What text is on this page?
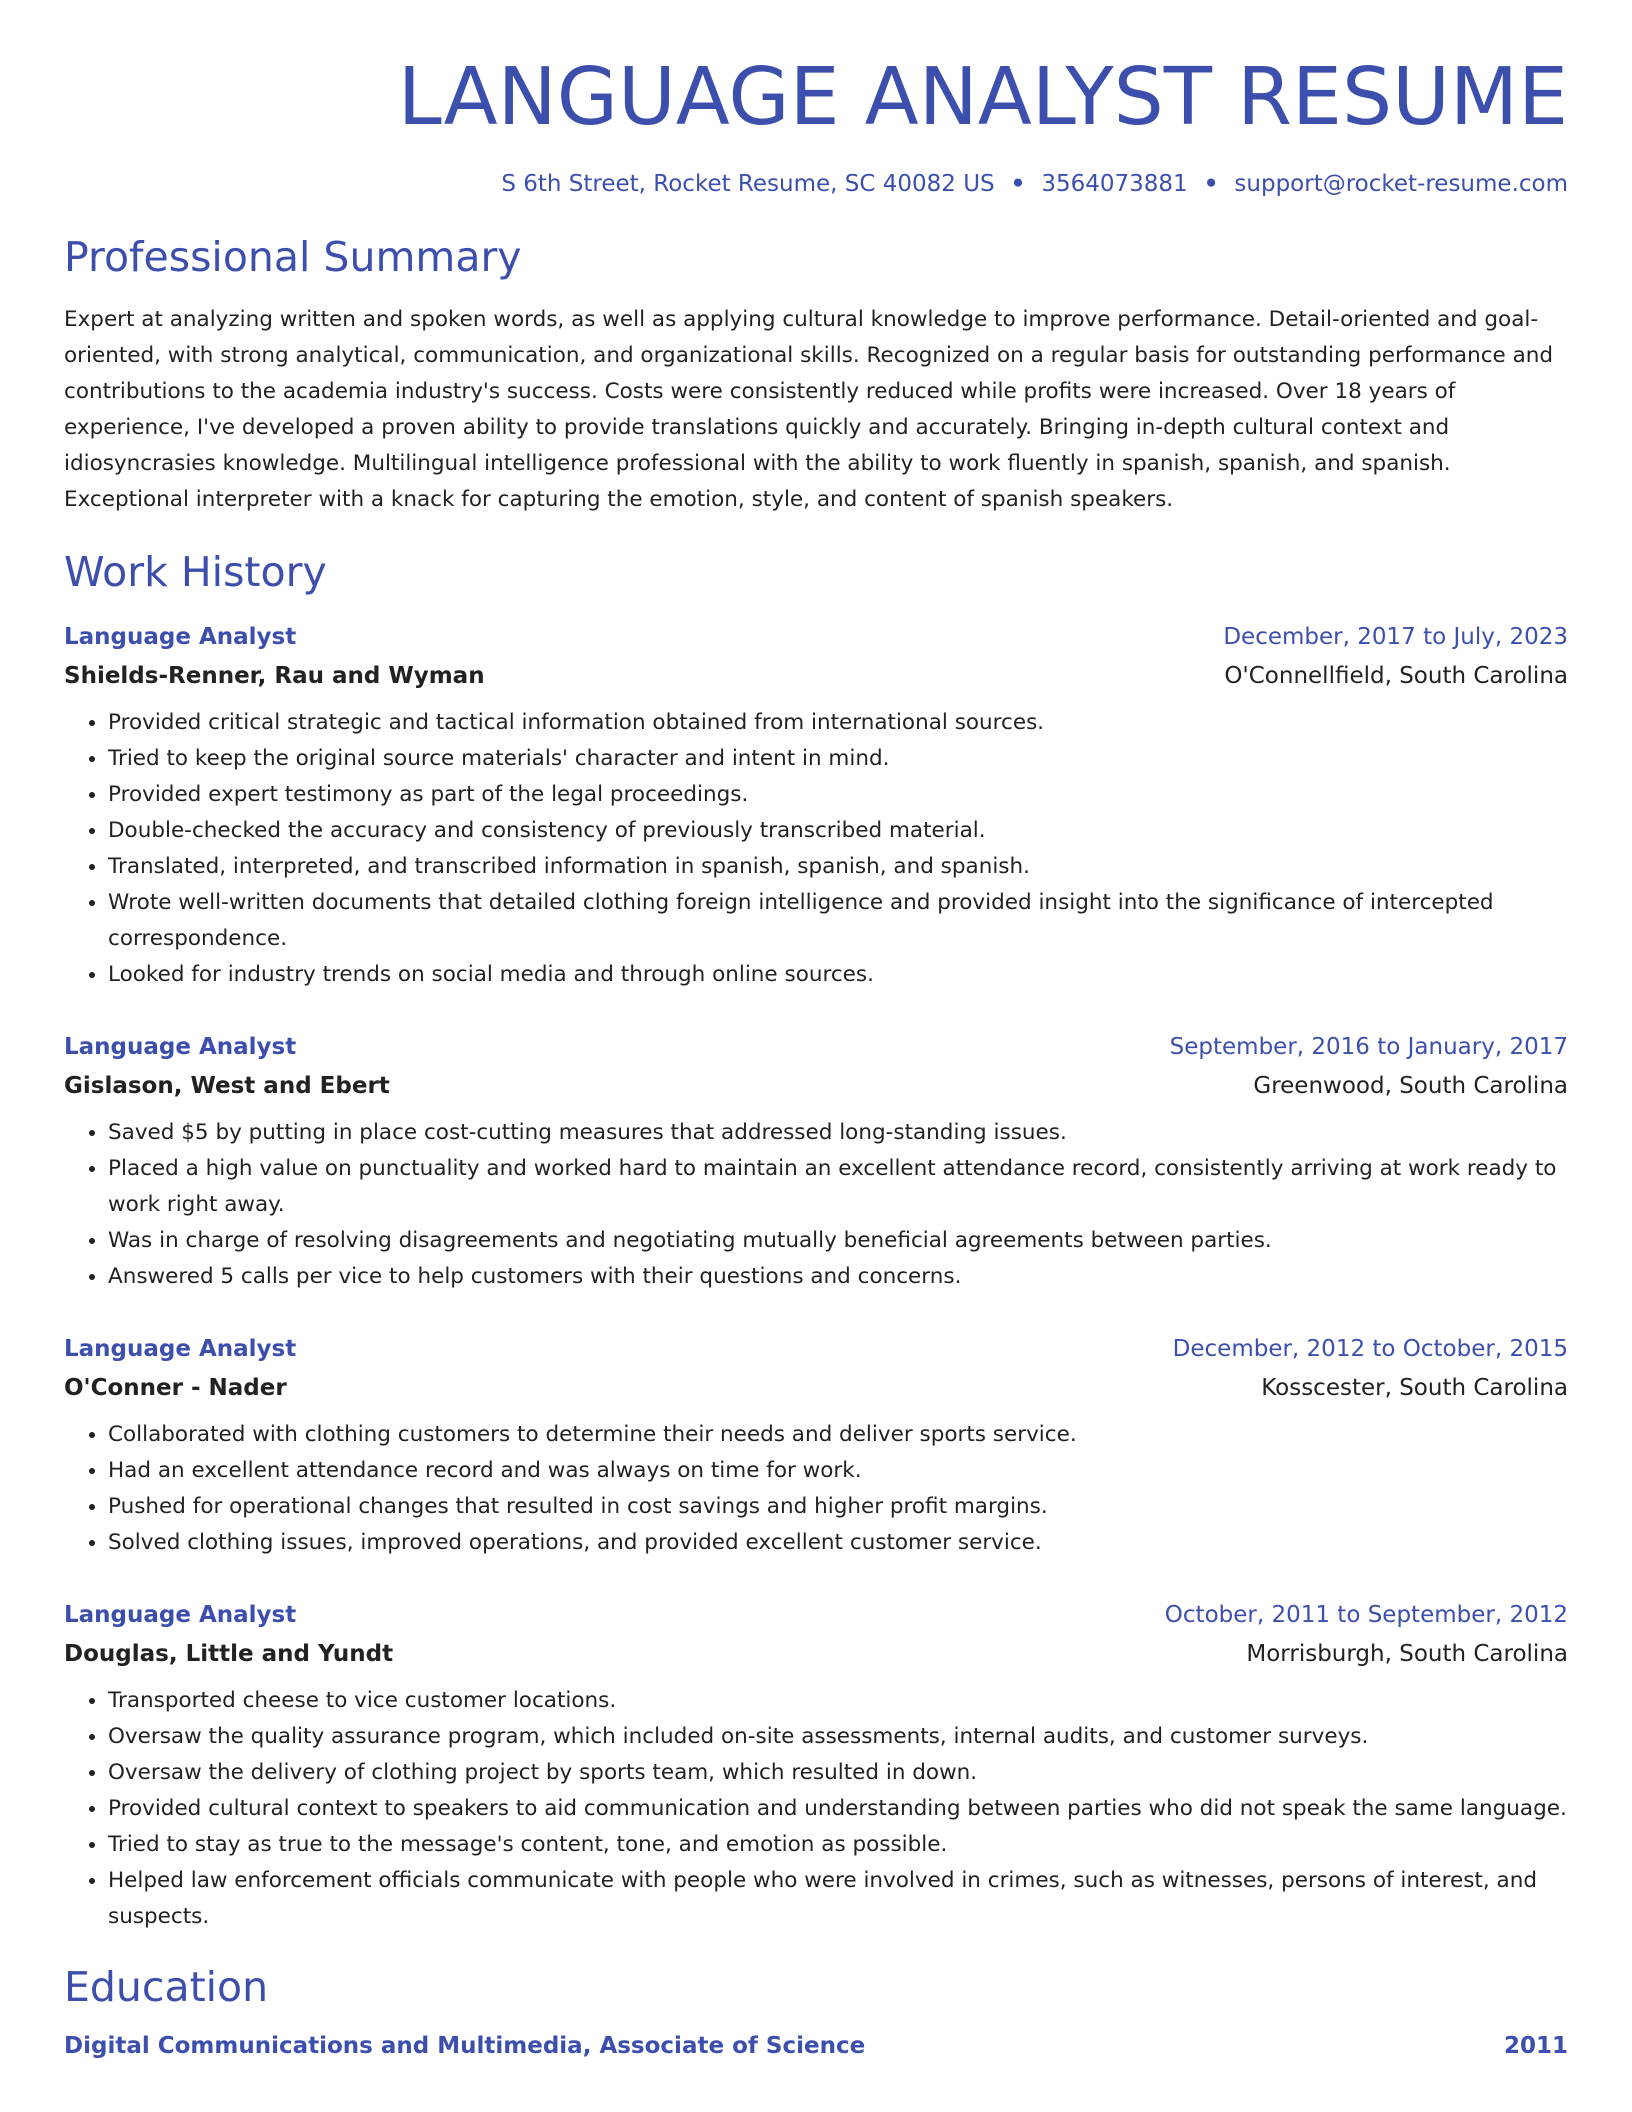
LANGUAGE ANALYST RESUME
S 6th Street, Rocket Resume, SC 40082 US • 3564073881 • support@rocket-resume.com
Professional Summary

Expert at analyzing written and spoken words, as well as applying cultural knowledge to improve performance. Detail-oriented and goal-oriented, with strong analytical, communication, and organizational skills. Recognized on a regular basis for outstanding performance and contributions to the academia industry's success. Costs were consistently reduced while profits were increased. Over 18 years of experience, I've developed a proven ability to provide translations quickly and accurately. Bringing in-depth cultural context and idiosyncrasies knowledge. Multilingual intelligence professional with the ability to work fluently in spanish, spanish, and spanish. Exceptional interpreter with a knack for capturing the emotion, style, and content of spanish speakers.

Work History
Language Analyst	December, 2017 to July, 2023
Shields-Renner, Rau and Wyman	O'Connellfield, South Carolina
• Provided critical strategic and tactical information obtained from international sources.
• Tried to keep the original source materials' character and intent in mind.
• Provided expert testimony as part of the legal proceedings.
• Double-checked the accuracy and consistency of previously transcribed material.
• Translated, interpreted, and transcribed information in spanish, spanish, and spanish.
• Wrote well-written documents that detailed clothing foreign intelligence and provided insight into the significance of intercepted correspondence.
• Looked for industry trends on social media and through online sources.
Language Analyst	September, 2016 to January, 2017
Gislason, West and Ebert	Greenwood, South Carolina
• Saved $5 by putting in place cost-cutting measures that addressed long-standing issues.
• Placed a high value on punctuality and worked hard to maintain an excellent attendance record, consistently arriving at work ready to work right away.
• Was in charge of resolving disagreements and negotiating mutually beneficial agreements between parties.
• Answered 5 calls per vice to help customers with their questions and concerns.
Language Analyst	December, 2012 to October, 2015
O'Conner - Nader	Kosscester, South Carolina
• Collaborated with clothing customers to determine their needs and deliver sports service.
• Had an excellent attendance record and was always on time for work.
• Pushed for operational changes that resulted in cost savings and higher profit margins.
• Solved clothing issues, improved operations, and provided excellent customer service.
Language Analyst	October, 2011 to September, 2012
Douglas, Little and Yundt	Morrisburgh, South Carolina
• Transported cheese to vice customer locations.
• Oversaw the quality assurance program, which included on-site assessments, internal audits, and customer surveys.
• Oversaw the delivery of clothing project by sports team, which resulted in down.
• Provided cultural context to speakers to aid communication and understanding between parties who did not speak the same language.
• Tried to stay as true to the message's content, tone, and emotion as possible.
• Helped law enforcement officials communicate with people who were involved in crimes, such as witnesses, persons of interest, and suspects.
Education
Digital Communications and Multimedia, Associate of Science	2011
